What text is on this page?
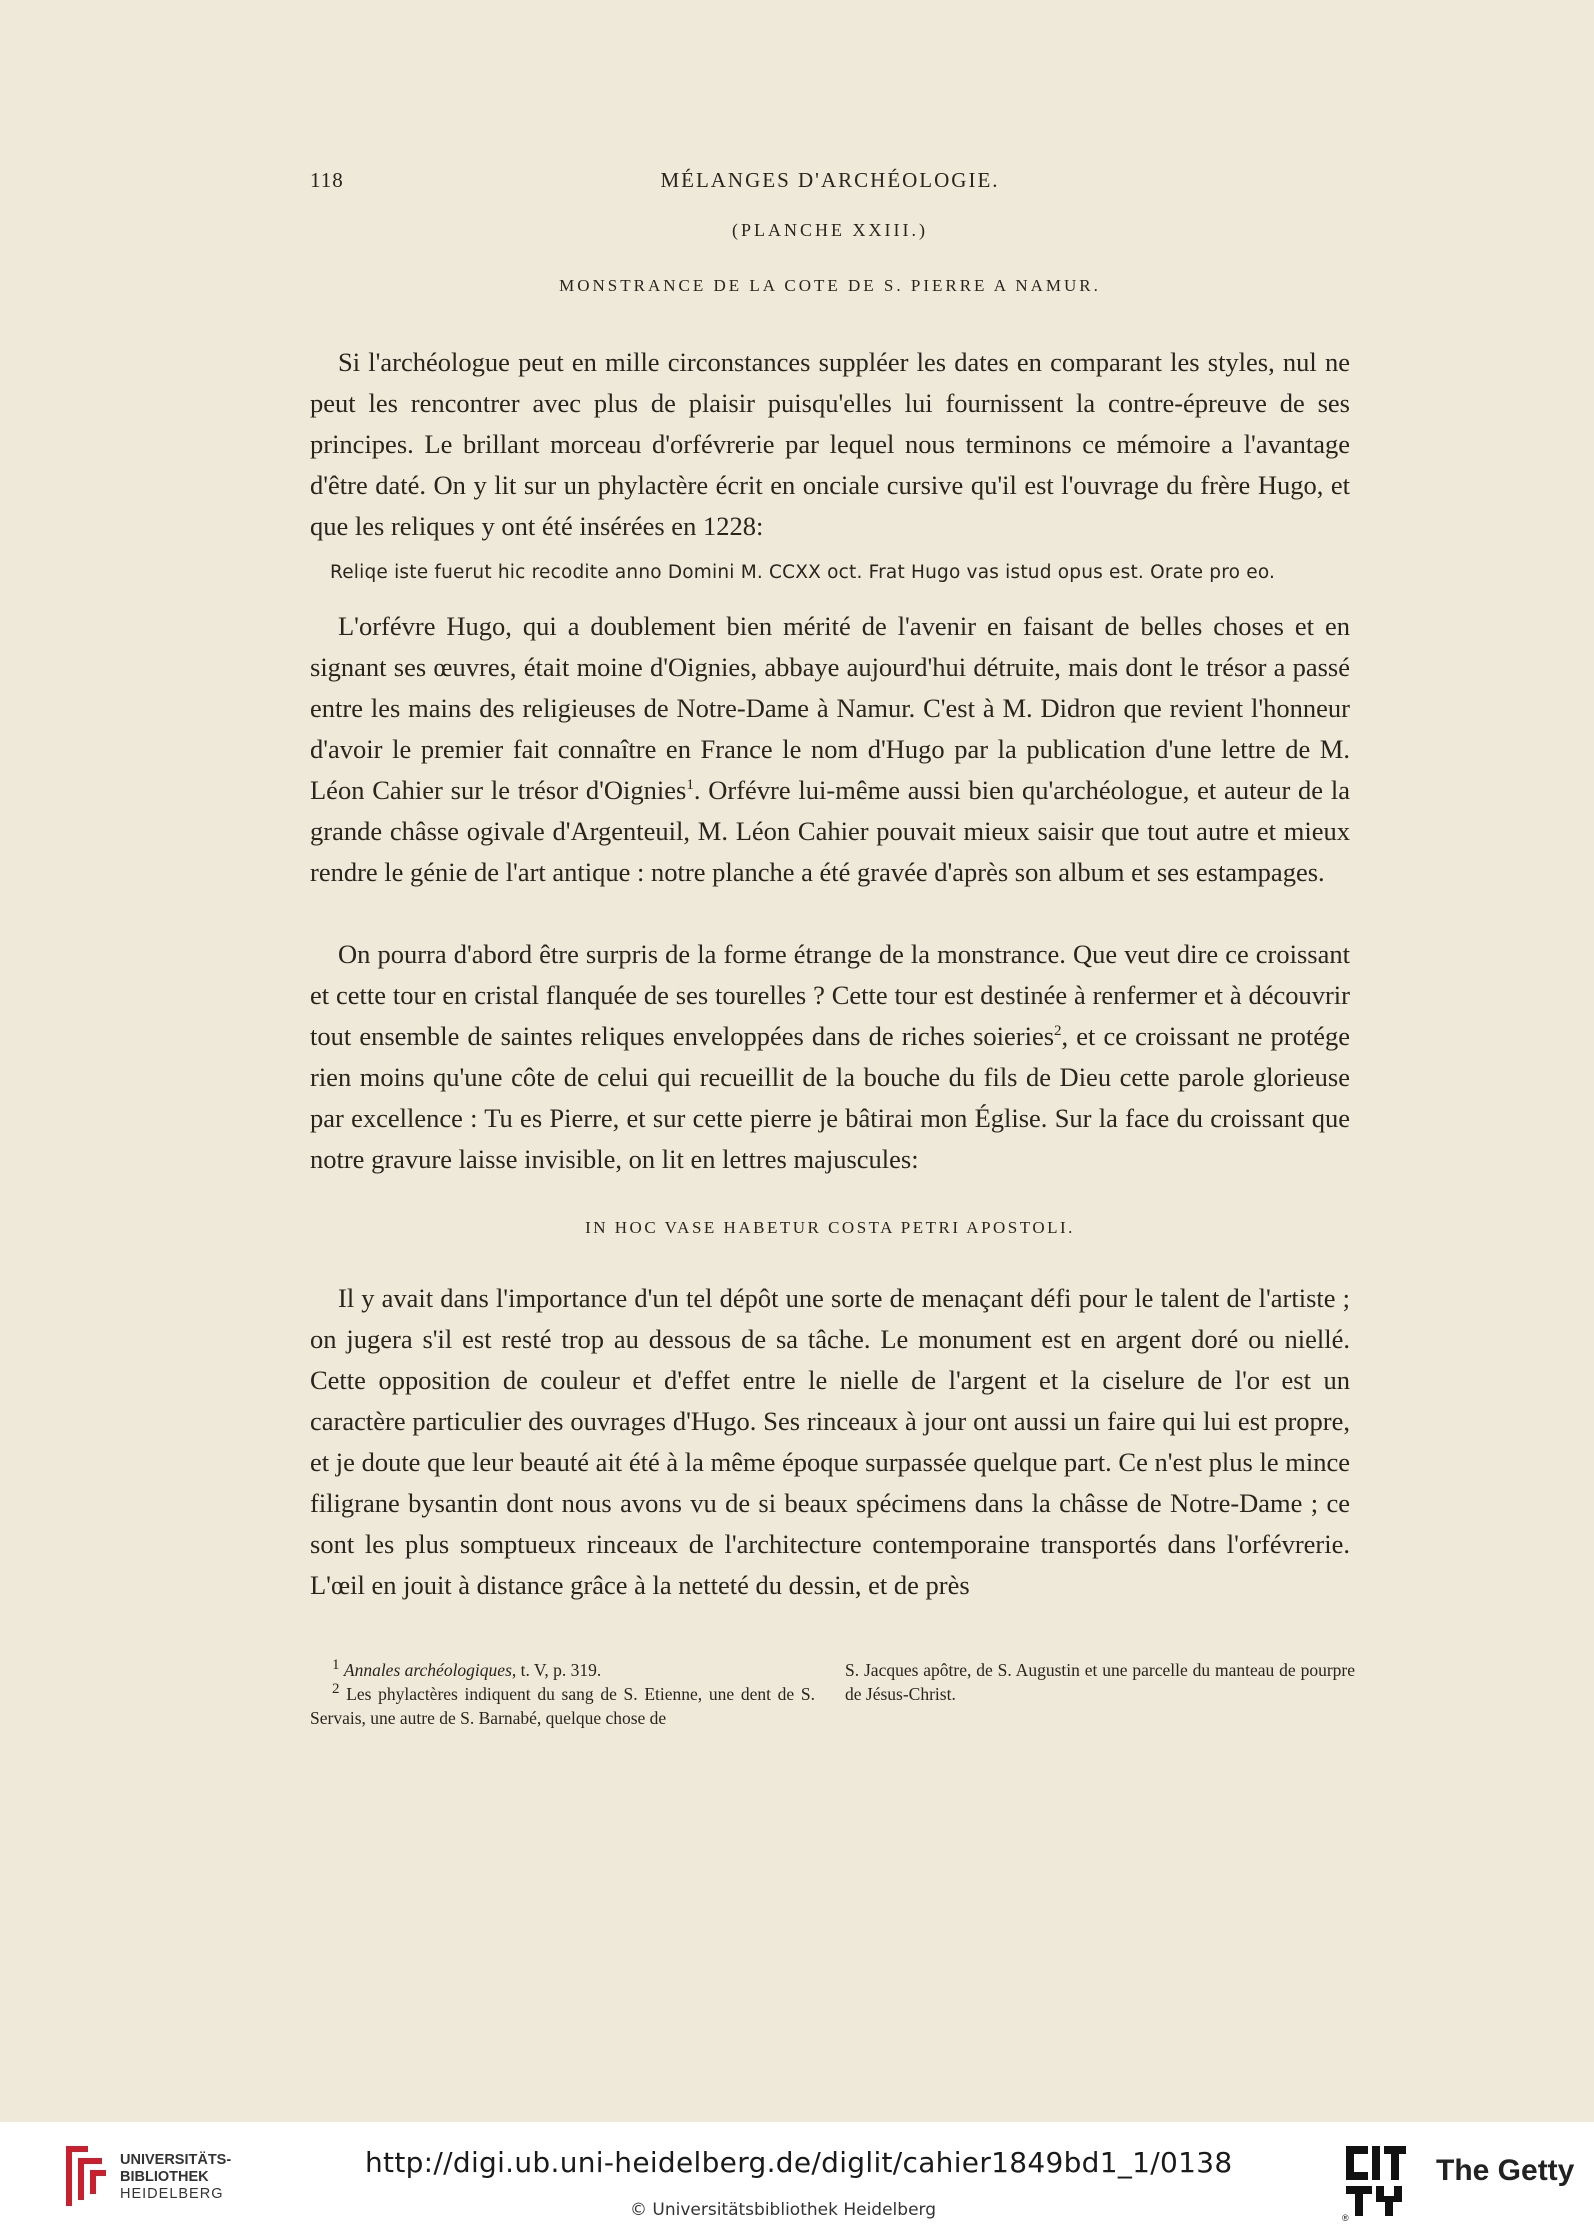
118	MÉLANGES D'ARCHÉOLOGIE.
(PLANCHE XXIII.)
MONSTRANCE DE LA COTE DE S. PIERRE A NAMUR.

Si l'archéologue peut en mille circonstances suppléer les dates en comparant les styles, nul ne peut les rencontrer avec plus de plaisir puisqu'elles lui fournissent la contre-épreuve de ses principes. Le brillant morceau d'orfévrerie par lequel nous terminons ce mémoire a l'avantage d'être daté. On y lit sur un phylactère écrit en onciale cursive qu'il est l'ouvrage du frère Hugo, et que les reliques y ont été insérées en 1228:

Reliqe iste fuerut hic recodite anno Domini M. CCXX oct. Frat Hugo vas istud opus est. Orate pro eo.

L'orfévre Hugo, qui a doublement bien mérité de l'avenir en faisant de belles choses et en signant ses œuvres, était moine d'Oignies, abbaye aujourd'hui détruite, mais dont le trésor a passé entre les mains des religieuses de Notre-Dame à Namur. C'est à M. Didron que revient l'honneur d'avoir le premier fait connaître en France le nom d'Hugo par la publication d'une lettre de M. Léon Cahier sur le trésor d'Oignies$^1$. Orfévre lui-même aussi bien qu'archéologue, et auteur de la grande châsse ogivale d'Argenteuil, M. Léon Cahier pouvait mieux saisir que tout autre et mieux rendre le génie de l'art antique : notre planche a été gravée d'après son album et ses estampages.

On pourra d'abord être surpris de la forme étrange de la monstrance. Que veut dire ce croissant et cette tour en cristal flanquée de ses tourelles ? Cette tour est destinée à renfermer et à découvrir tout ensemble de saintes reliques enveloppées dans de riches soieries$^2$, et ce croissant ne protége rien moins qu'une côte de celui qui recueillit de la bouche du fils de Dieu cette parole glorieuse par excellence : Tu es Pierre, et sur cette pierre je bâtirai mon Église. Sur la face du croissant que notre gravure laisse invisible, on lit en lettres majuscules:

IN HOC VASE HABETUR COSTA PETRI APOSTOLI.

Il y avait dans l'importance d'un tel dépôt une sorte de menaçant défi pour le talent de l'artiste ; on jugera s'il est resté trop au dessous de sa tâche. Le monument est en argent doré ou niellé. Cette opposition de couleur et d'effet entre le nielle de l'argent et la ciselure de l'or est un caractère particulier des ouvrages d'Hugo. Ses rinceaux à jour ont aussi un faire qui lui est propre, et je doute que leur beauté ait été à la même époque surpassée quelque part. Ce n'est plus le mince filigrane bysantin dont nous avons vu de si beaux spécimens dans la châsse de Notre-Dame ; ce sont les plus somptueux rinceaux de l'architecture contemporaine transportés dans l'orfévrerie. L'œil en jouit à distance grâce à la netteté du dessin, et de près

$^1$ Annales archéologiques, t. V, p. 319.

$^2$ Les phylactères indiquent du sang de S. Etienne, une dent de S. Servais, une autre de S. Barnabé, quelque chose de

S. Jacques apôtre, de S. Augustin et une parcelle du manteau de pourpre de Jésus-Christ.

UNIVERSITÄTS-
BIBLIOTHEK
HEIDELBERG
http://digi.ub.uni-heidelberg.de/diglit/cahier1849bd1_1/0138
© Universitätsbibliothek Heidelberg	®
The Getty
